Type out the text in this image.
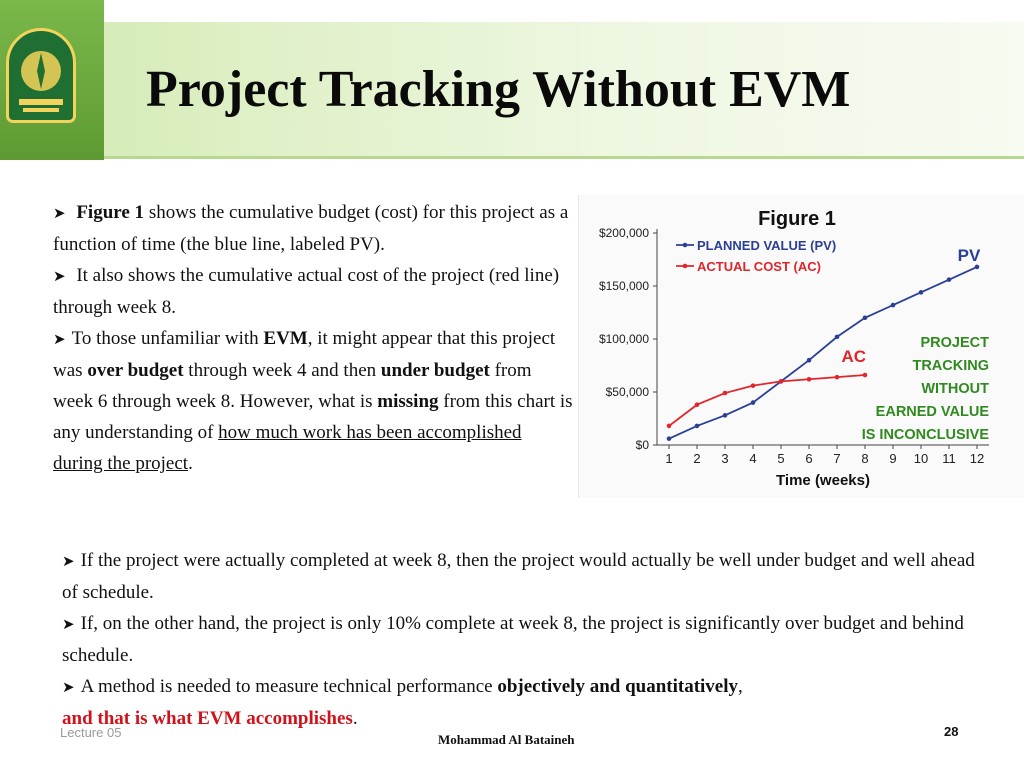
Project Tracking Without EVM

➤ Figure 1 shows the cumulative budget (cost) for this project as a function of time (the blue line, labeled PV).

➤ It also shows the cumulative actual cost of the project (red line) through week 8.

➤ To those unfamiliar with EVM, it might appear that this project was over budget through week 4 and then under budget from week 6 through week 8. However, what is missing from this chart is any understanding of how much work has been accomplished during the project.

$0
$50,000
$100,000
$150,000
$200,000
1 2 3 4 5 6 7 8 9 10 11 12
Figure 1
Time (weeks)
PLANNED VALUE (PV)
ACTUAL COST (AC)
PV
AC
PROJECT
TRACKING
WITHOUT
EARNED VALUE
IS INCONCLUSIVE

➤ If the project were actually completed at week 8, then the project would actually be well under budget and well ahead of schedule.

➤ If, on the other hand, the project is only 10% complete at week 8, the project is significantly over budget and behind schedule.

➤ A method is needed to measure technical performance objectively and quantitatively,
and that is what EVM accomplishes.

Lecture 05	Mohammad Al Bataineh
28
